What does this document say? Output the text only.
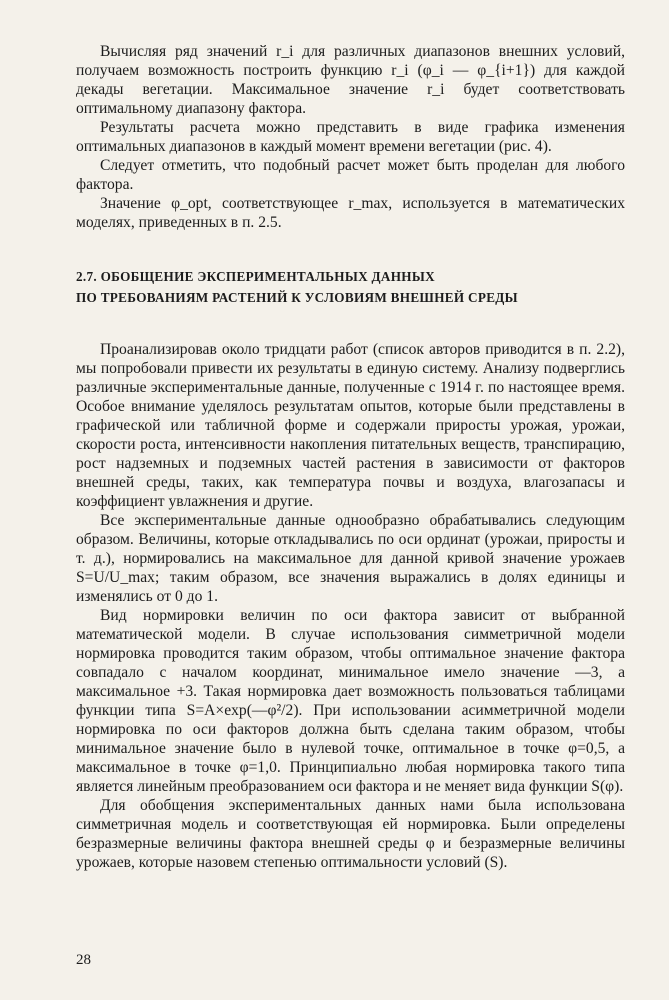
Вычисляя ряд значений r_i для различных диапазонов внешних условий, получаем возможность построить функцию r_i (φ_i — φ_{i+1}) для каждой декады вегетации. Максимальное значение r_i будет соответствовать оптимальному диапазону фактора.

Результаты расчета можно представить в виде графика изменения оптимальных диапазонов в каждый момент времени вегетации (рис. 4).

Следует отметить, что подобный расчет может быть проделан для любого фактора.

Значение φ_opt, соответствующее r_max, используется в математических моделях, приведенных в п. 2.5.

2.7. ОБОБЩЕНИЕ ЭКСПЕРИМЕНТАЛЬНЫХ ДАННЫХ
ПО ТРЕБОВАНИЯМ РАСТЕНИЙ К УСЛОВИЯМ ВНЕШНЕЙ СРЕДЫ

Проанализировав около тридцати работ (список авторов приводится в п. 2.2), мы попробовали привести их результаты в единую систему. Анализу подверглись различные экспериментальные данные, полученные с 1914 г. по настоящее время. Особое внимание уделялось результатам опытов, которые были представлены в графической или табличной форме и содержали приросты урожая, урожаи, скорости роста, интенсивности накопления питательных веществ, транспирацию, рост надземных и подземных частей растения в зависимости от факторов внешней среды, таких, как температура почвы и воздуха, влагозапасы и коэффициент увлажнения и другие.

Все экспериментальные данные однообразно обрабатывались следующим образом. Величины, которые откладывались по оси ординат (урожаи, приросты и т. д.), нормировались на максимальное для данной кривой значение урожаев S=U/U_max; таким образом, все значения выражались в долях единицы и изменялись от 0 до 1.

Вид нормировки величин по оси фактора зависит от выбранной математической модели. В случае использования симметричной модели нормировка проводится таким образом, чтобы оптимальное значение фактора совпадало с началом координат, минимальное имело значение —3, а максимальное +3. Такая нормировка дает возможность пользоваться таблицами функции типа S=A×exp(—φ²/2). При использовании асимметричной модели нормировка по оси факторов должна быть сделана таким образом, чтобы минимальное значение было в нулевой точке, оптимальное в точке φ=0,5, а максимальное в точке φ=1,0. Принципиально любая нормировка такого типа является линейным преобразованием оси фактора и не меняет вида функции S(φ).

Для обобщения экспериментальных данных нами была использована симметричная модель и соответствующая ей нормировка. Были определены безразмерные величины фактора внешней среды φ и безразмерные величины урожаев, которые назовем степенью оптимальности условий (S).

28
